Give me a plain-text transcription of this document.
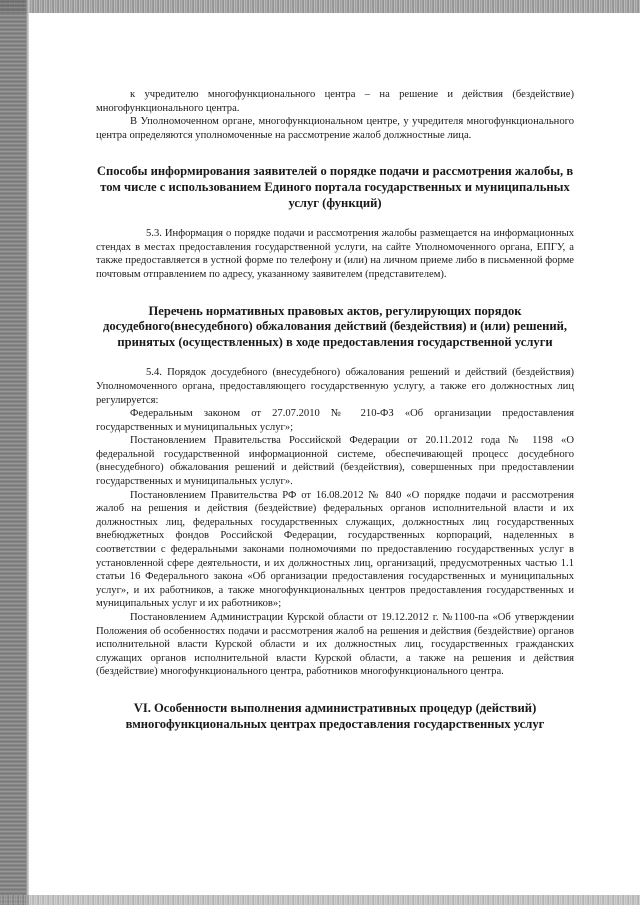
к учредителю многофункционального центра – на решение и действия (бездействие) многофункционального центра.

В Уполномоченном органе, многофункциональном центре, у учредителя многофункционального центра определяются уполномоченные на рассмотрение жалоб должностные лица.

Способы информирования заявителей о порядке подачи и рассмотрения жалобы, в том числе с использованием Единого портала государственных и муниципальных услуг (функций)

5.3. Информация о порядке подачи и рассмотрения жалобы размещается на информационных стендах в местах предоставления государственной услуги, на сайте Уполномоченного органа, ЕПГУ, а также предоставляется в устной форме по телефону и (или) на личном приеме либо в письменной форме почтовым отправлением по адресу, указанному заявителем (представителем).

Перечень нормативных правовых актов, регулирующих порядок досудебного(внесудебного) обжалования действий (бездействия) и (или) решений, принятых (осуществленных) в ходе предоставления государственной услуги

5.4. Порядок досудебного (внесудебного) обжалования решений и действий (бездействия) Уполномоченного органа, предоставляющего государственную услугу, а также его должностных лиц регулируется:

Федеральным законом от 27.07.2010 № 210-ФЗ «Об организации предоставления государственных и муниципальных услуг»;

Постановлением Правительства Российской Федерации от 20.11.2012 года № 1198 «О федеральной государственной информационной системе, обеспечивающей процесс досудебного (внесудебного) обжалования решений и действий (бездействия), совершенных при предоставлении государственных и муниципальных услуг».

Постановлением Правительства РФ от 16.08.2012 № 840 «О порядке подачи и рассмотрения жалоб на решения и действия (бездействие) федеральных органов исполнительной власти и их должностных лиц, федеральных государственных служащих, должностных лиц государственных внебюджетных фондов Российской Федерации, государственных корпораций, наделенных в соответствии с федеральными законами полномочиями по предоставлению государственных услуг в установленной сфере деятельности, и их должностных лиц, организаций, предусмотренных частью 1.1 статьи 16 Федерального закона «Об организации предоставления государственных и муниципальных услуг», и их работников, а также многофункциональных центров предоставления государственных и муниципальных услуг и их работников»;

Постановлением Администрации Курской области от 19.12.2012 г. №1100-па «Об утверждении Положения об особенностях подачи и рассмотрения жалоб на решения и действия (бездействие) органов исполнительной власти Курской области и их должностных лиц, государственных гражданских служащих органов исполнительной власти Курской области, а также на решения и действия (бездействие) многофункционального центра, работников многофункционального центра.

VI. Особенности выполнения административных процедур (действий) вмногофункциональных центрах предоставления государственных услуг
